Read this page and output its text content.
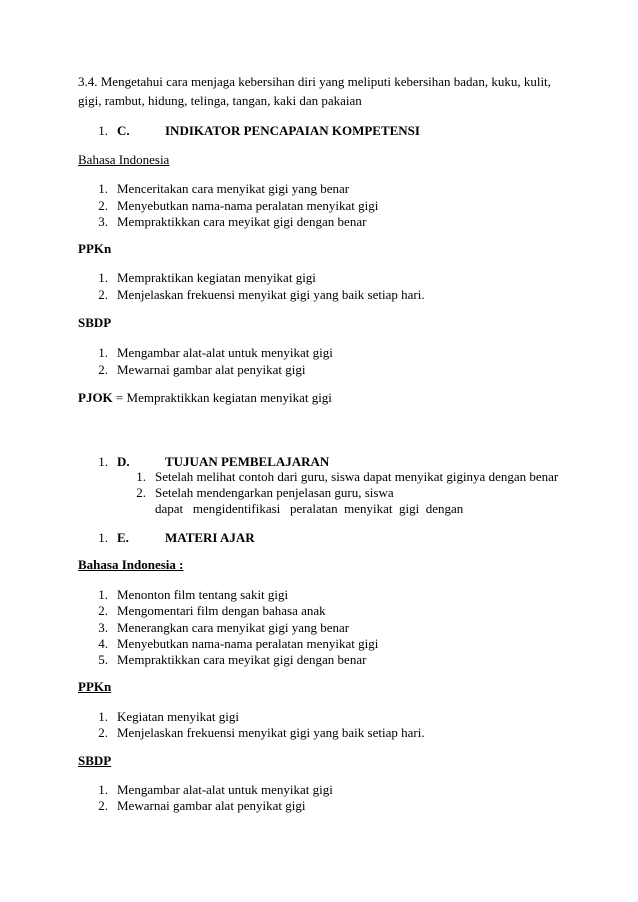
3.4. Mengetahui cara menjaga kebersihan diri yang meliputi kebersihan badan, kuku, kulit,
gigi, rambut, hidung, telinga, tangan, kaki dan pakaian
1. C.	INDIKATOR PENCAPAIAN KOMPETENSI
Bahasa Indonesia
1. Menceritakan cara menyikat gigi yang benar
2. Menyebutkan nama-nama peralatan menyikat gigi
3. Mempraktikkan cara meyikat gigi dengan benar
PPKn
1. Mempraktikan kegiatan menyikat gigi
2. Menjelaskan frekuensi menyikat gigi yang baik setiap hari.
SBDP
1. Mengambar alat-alat untuk menyikat gigi
2. Mewarnai gambar alat penyikat gigi
PJOK = Mempraktikkan kegiatan menyikat gigi
1. D.	TUJUAN PEMBELAJARAN
1. Setelah melihat contoh dari guru, siswa dapat menyikat giginya dengan benar
2. Setelah mendengarkan penjelasan guru, siswa
dapat   mengidentifikasi   peralatan  menyikat  gigi  dengan
1. E.	MATERI AJAR
Bahasa Indonesia :
1. Menonton film tentang sakit gigi
2. Mengomentari film dengan bahasa anak
3. Menerangkan cara menyikat gigi yang benar
4. Menyebutkan nama-nama peralatan menyikat gigi
5. Mempraktikkan cara meyikat gigi dengan benar
PPKn
1. Kegiatan menyikat gigi
2. Menjelaskan frekuensi menyikat gigi yang baik setiap hari.
SBDP
1. Mengambar alat-alat untuk menyikat gigi
2. Mewarnai gambar alat penyikat gigi
